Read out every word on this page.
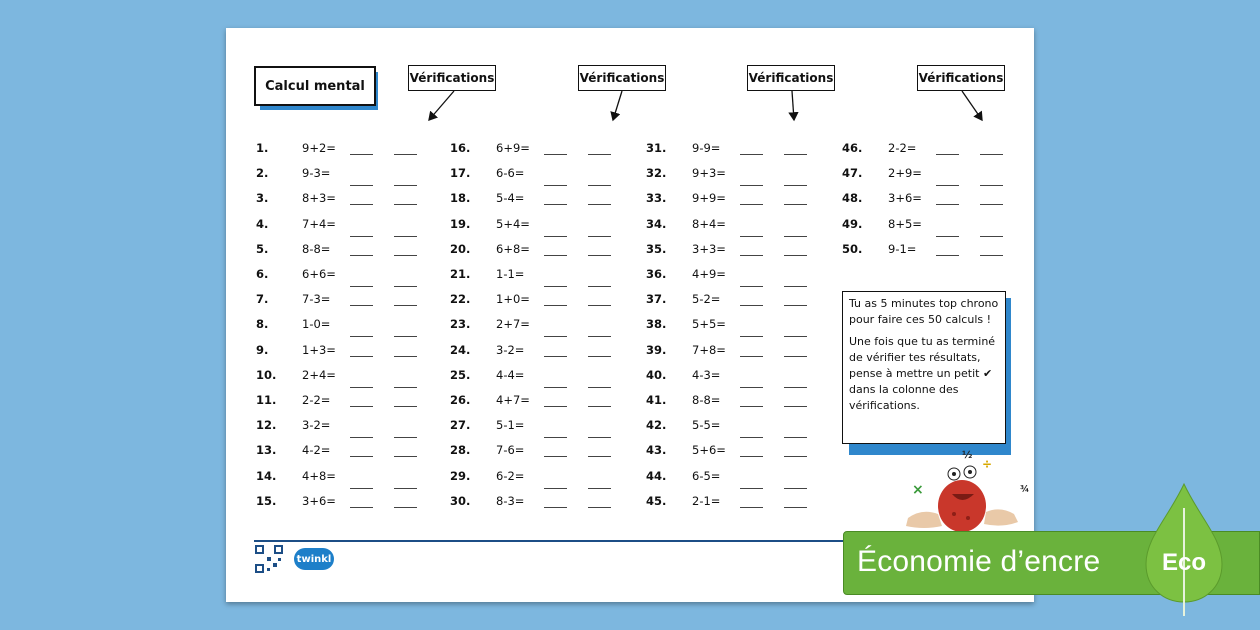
Calcul mental
Vérifications	Vérifications	Vérifications	Vérifications
1.	9+2=
2.	9-3=
3.	8+3=
4.	7+4=
5.	8-8=
6.	6+6=
7.	7-3=
8.	1-0=
9.	1+3=
10. 2+4=
11. 2-2=
12. 3-2=
13. 4-2=
14. 4+8=
15. 3+6=
16. 6+9=
17. 6-6=
18. 5-4=
19. 5+4=
20. 6+8=
21. 1-1=
22. 1+0=
23. 2+7=
24. 3-2=
25. 4-4=
26. 4+7=
27. 5-1=
28. 7-6=
29. 6-2=
30. 8-3=
31. 9-9=
32. 9+3=
33. 9+9=
34. 8+4=
35. 3+3=
36. 4+9=
37. 5-2=
38. 5+5=
39. 7+8=
40. 4-3=
41. 8-8=
42. 5-5=
43. 5+6=
44. 6-5=
45. 2-1=
46. 2-2=
47. 2+9=
48. 3+6=
49. 8+5=
50. 9-1=

Tu as 5 minutes top chrono pour faire ces 50 calculs !

Une fois que tu as terminé de vérifier tes résultats, pense à mettre un petit ✔ dans la colonne des vérifications.

½
÷
¾
×
twinkl	Économie d’encre	Eco
